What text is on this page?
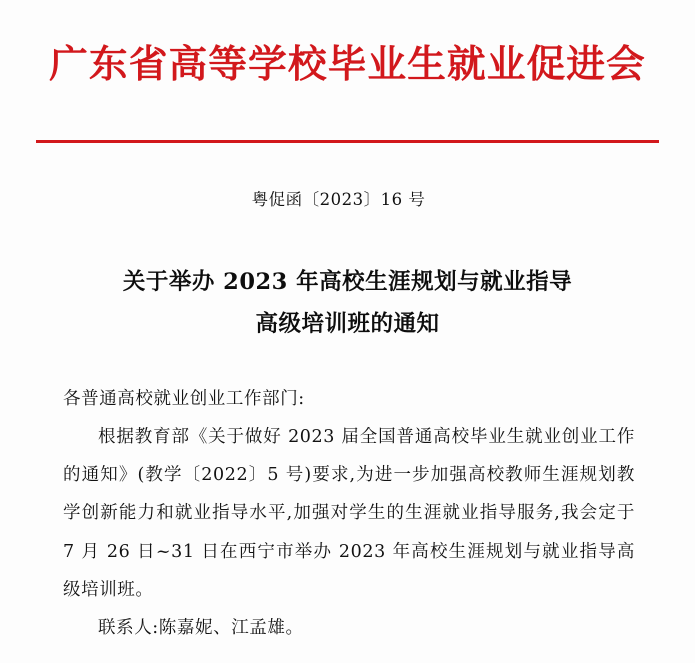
广东省高等学校毕业生就业促进会
粤促函〔2023〕16 号
关于举办 2023 年高校生涯规划与就业指导
高级培训班的通知

各普通高校就业创业工作部门:

根据教育部《关于做好 2023 届全国普通高校毕业生就业创业工作的通知》(教学〔2022〕5 号)要求,为进一步加强高校教师生涯规划教学创新能力和就业指导水平,加强对学生的生涯就业指导服务,我会定于 7 月 26 日~31 日在西宁市举办 2023 年高校生涯规划与就业指导高级培训班。

联系人:陈嘉妮、江孟雄。
